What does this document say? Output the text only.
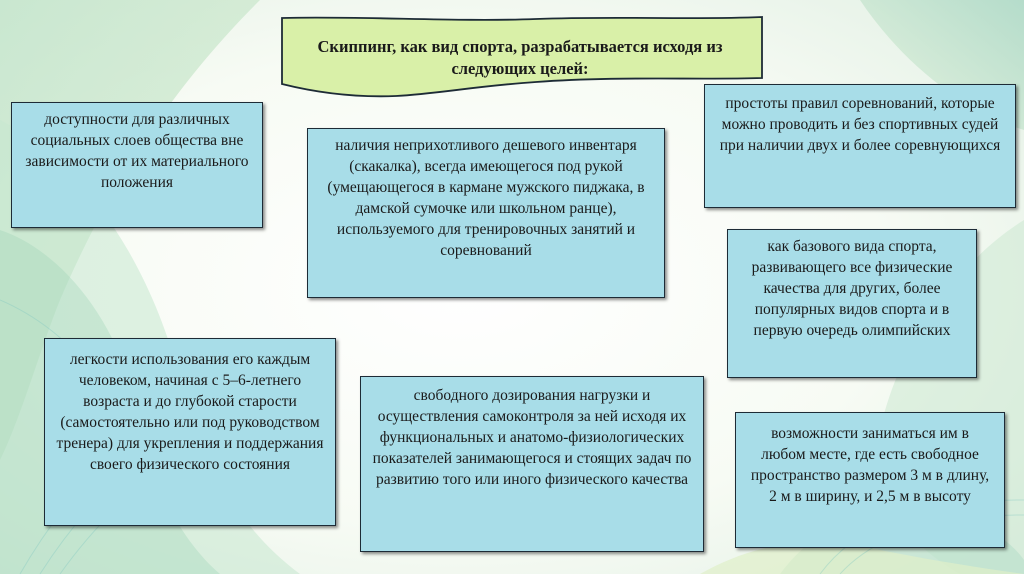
Скиппинг, как вид спорта, разрабатывается исходя из следующих целей:
доступности для различных социальных слоев общества вне зависимости от их материального положения
наличия неприхотливого дешевого инвентаря (скакалка), всегда имеющегося под рукой (умещающегося в кармане мужского пиджака, в дамской сумочке или школьном ранце), используемого для тренировочных занятий и соревнований
простоты правил соревнований, которые можно проводить и без спортивных судей при наличии двух и более соревнующихся
как базового вида спорта, развивающего все физические качества для других, более популярных видов спорта и в первую очередь олимпийских
легкости использования его каждым человеком, начиная с 5–6-летнего возраста и до глубокой старости (самостоятельно или под руководством тренера) для укрепления и поддержания своего физического состояния
свободного дозирования нагрузки и осуществления самоконтроля за ней исходя их функциональных и анатомо-физиологических показателей занимающегося и стоящих задач по развитию того или иного физического качества
возможности заниматься им в любом месте, где есть свободное пространство размером 3 м в длину, 2 м в ширину, и 2,5 м в высоту
